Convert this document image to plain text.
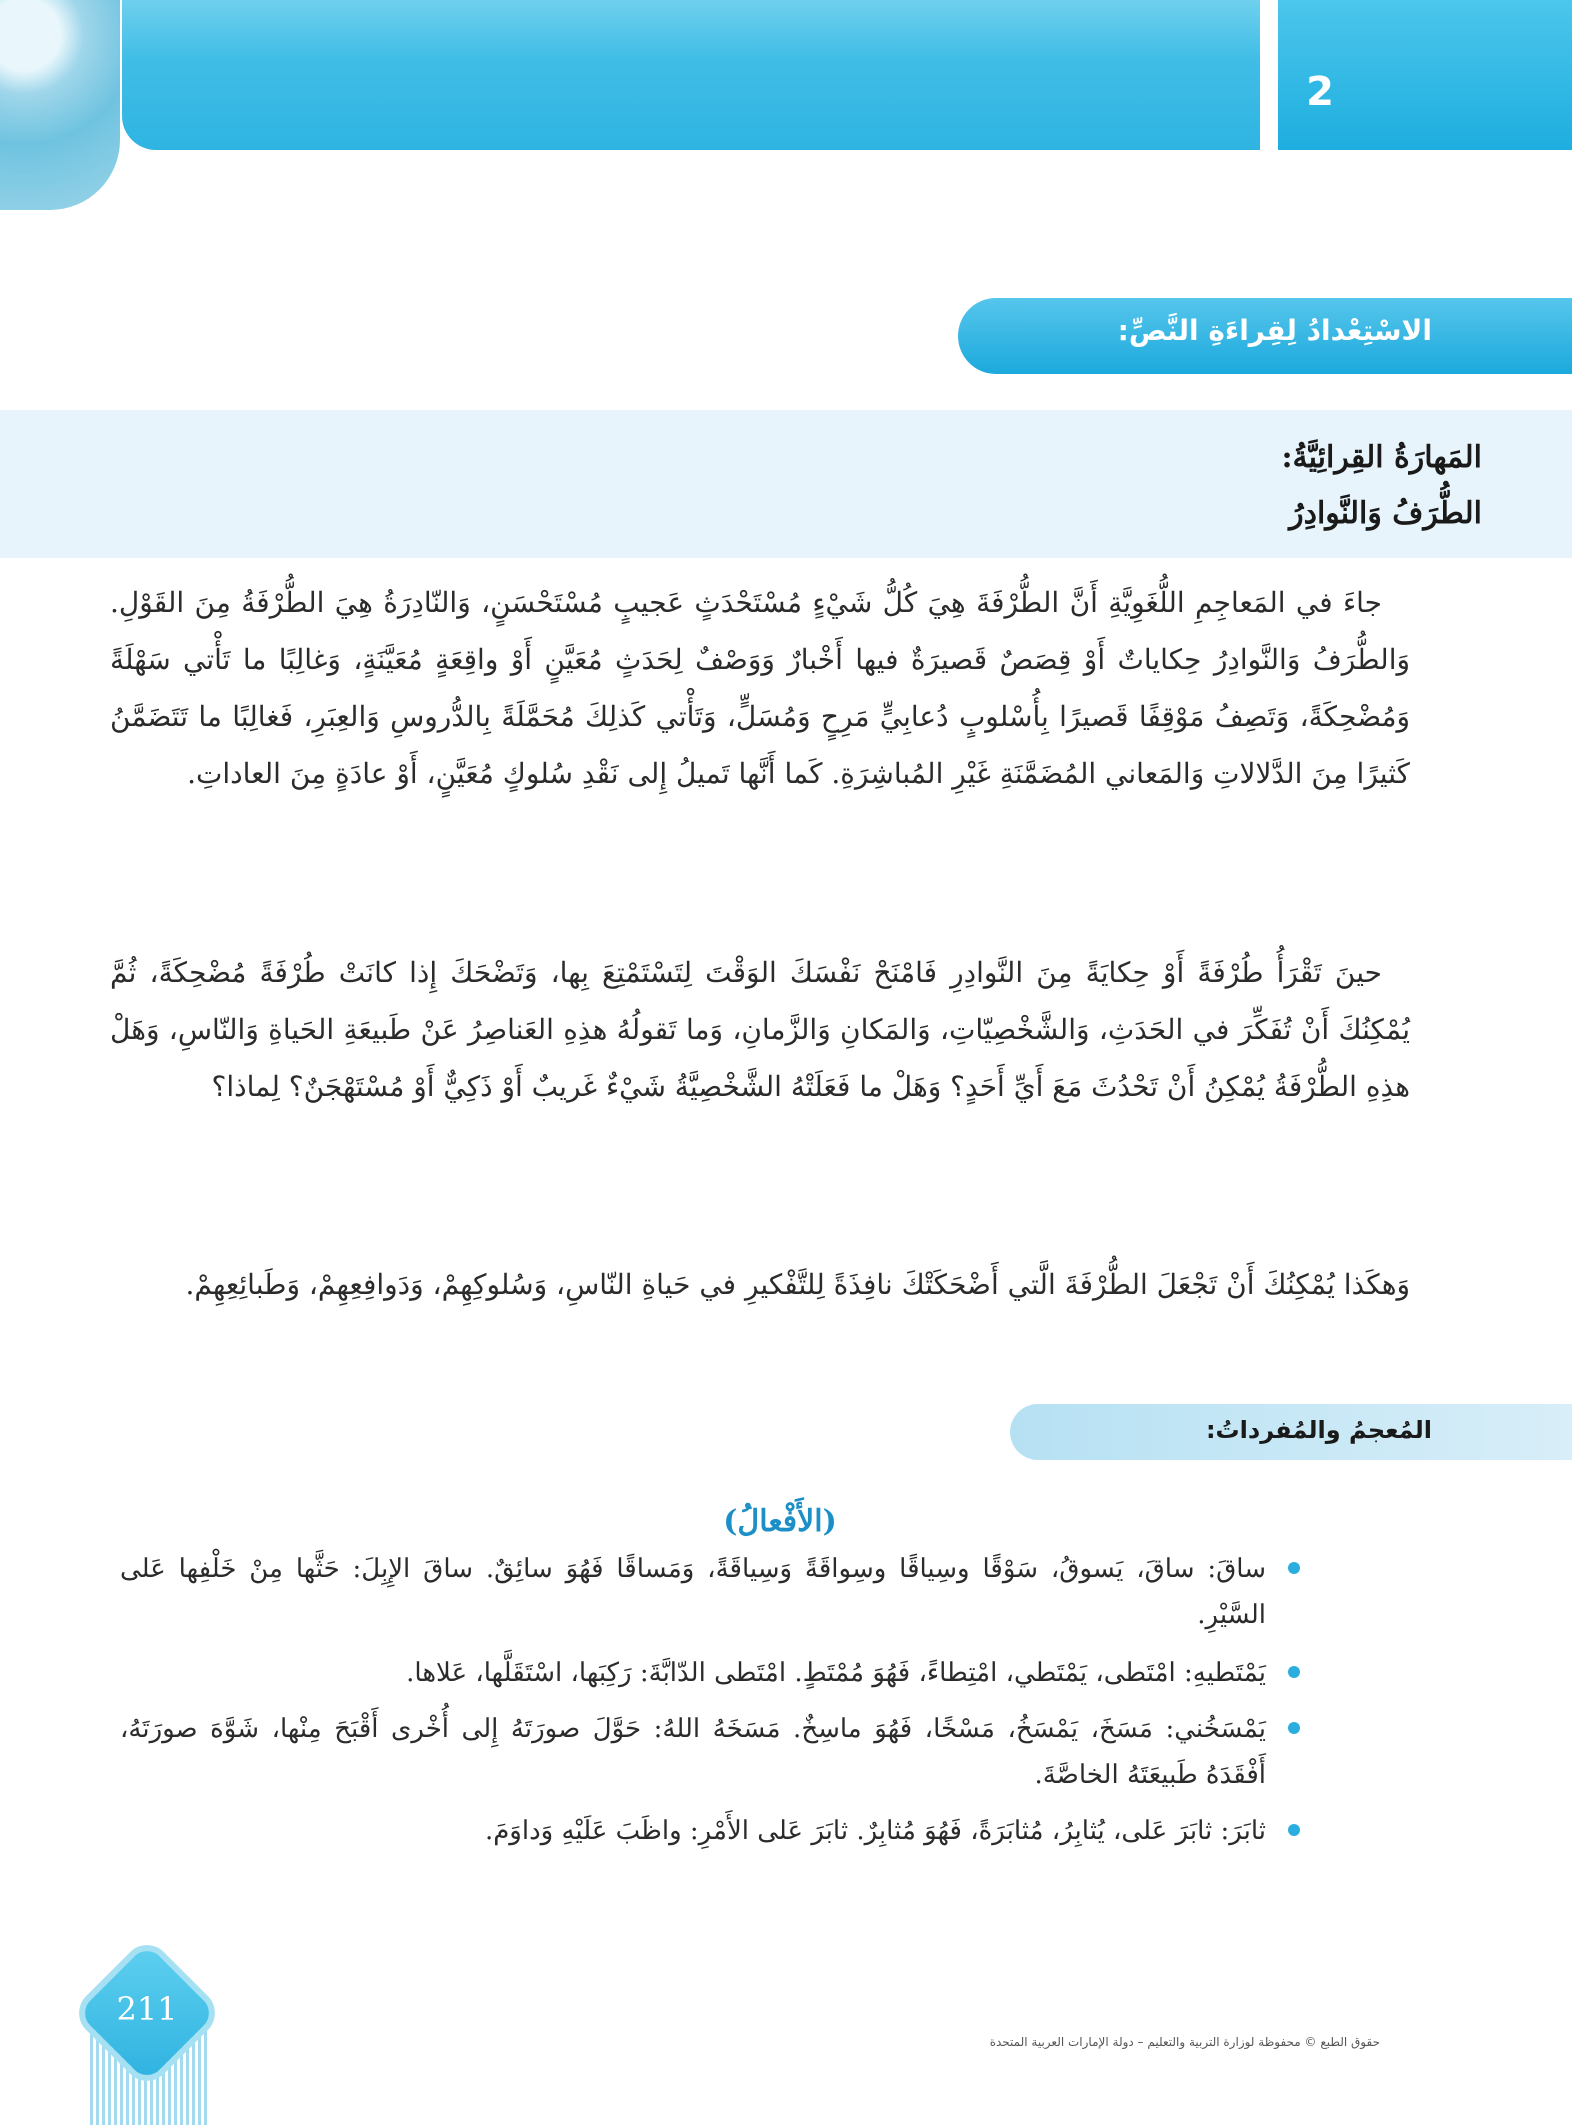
2
الاسْتِعْدادُ لِقِراءَةِ النَّصِّ:
المَهارَةُ القِرائِيَّةُ:
الطُّرَفُ وَالنَّوادِرُ
جاءَ في المَعاجِمِ اللُّغَوِيَّةِ أَنَّ الطُّرْفَةَ هِيَ كُلُّ شَيْءٍ مُسْتَحْدَثٍ عَجيبٍ مُسْتَحْسَنٍ، وَالنّادِرَةُ هِيَ الطُّرْفَةُ مِنَ القَوْلِ. وَالطُّرَفُ وَالنَّوادِرُ حِكاياتٌ أَوْ قِصَصٌ قَصيرَةٌ فيها أَخْبارٌ وَوَصْفٌ لِحَدَثٍ مُعَيَّنٍ أَوْ واقِعَةٍ مُعَيَّنَةٍ، وَغالِبًا ما تَأْتي سَهْلَةً وَمُضْحِكَةً، وَتَصِفُ مَوْقِفًا قَصيرًا بِأُسْلوبٍ دُعابِيٍّ مَرِحٍ وَمُسَلٍّ، وَتَأْتي كَذلِكَ مُحَمَّلَةً بِالدُّروسِ وَالعِبَرِ، فَغالِبًا ما تَتَضَمَّنُ كَثيرًا مِنَ الدَّلالاتِ وَالمَعاني المُضَمَّنَةِ غَيْرِ المُباشِرَةِ. كَما أَنَّها تَميلُ إِلى نَقْدِ سُلوكٍ مُعَيَّنٍ، أَوْ عادَةٍ مِنَ العاداتِ.
حينَ تَقْرَأُ طُرْفَةً أَوْ حِكايَةً مِنَ النَّوادِرِ فَامْنَحْ نَفْسَكَ الوَقْتَ لِتَسْتَمْتِعَ بِها، وَتَضْحَكَ إِذا كانَتْ طُرْفَةً مُضْحِكَةً، ثُمَّ يُمْكِنُكَ أَنْ تُفَكِّرَ في الحَدَثِ، وَالشَّخْصِيّاتِ، وَالمَكانِ وَالزَّمانِ، وَما تَقولُهُ هذِهِ العَناصِرُ عَنْ طَبيعَةِ الحَياةِ وَالنّاسِ، وَهَلْ هذِهِ الطُّرْفَةُ يُمْكِنُ أَنْ تَحْدُثَ مَعَ أَيِّ أَحَدٍ؟ وَهَلْ ما فَعَلَتْهُ الشَّخْصِيَّةُ شَيْءٌ غَريبٌ أَوْ ذَكِيٌّ أَوْ مُسْتَهْجَنٌ؟ لِماذا؟
وَهكَذا يُمْكِنُكَ أَنْ تَجْعَلَ الطُّرْفَةَ الَّتي أَضْحَكَتْكَ نافِذَةً لِلتَّفْكيرِ في حَياةِ النّاسِ، وَسُلوكِهِمْ، وَدَوافِعِهِمْ، وَطَبائِعِهِمْ.
المُعجمُ والمُفرداتُ:
(الأَفْعالُ)
ساقَ: ساقَ، يَسوقُ، سَوْقًا وسِياقًا وسِواقَةً وَسِياقَةً، وَمَساقًا فَهُوَ سائِقٌ. ساقَ الإِبِلَ: حَثَّها مِنْ خَلْفِها عَلى السَّيْرِ.
يَمْتَطيهِ: امْتَطى، يَمْتَطي، امْتِطاءً، فَهُوَ مُمْتَطٍ. امْتَطى الدّابَّةَ: رَكِبَها، اسْتَقَلَّها، عَلاها.
يَمْسَخُني: مَسَخَ، يَمْسَخُ، مَسْخًا، فَهُوَ ماسِخٌ. مَسَخَهُ اللهُ: حَوَّلَ صورَتَهُ إِلى أُخْرى أَقْبَحَ مِنْها، شَوَّهَ صورَتَهُ، أَفْقَدَهُ طَبيعَتَهُ الخاصَّةَ.
ثابَرَ: ثابَرَ عَلى، يُثابِرُ، مُثابَرَةً، فَهُوَ مُثابِرٌ. ثابَرَ عَلى الأَمْرِ: واظَبَ عَلَيْهِ وَداوَمَ.
211
حقوق الطبع © محفوظة لوزارة التربية والتعليم – دولة الإمارات العربية المتحدة
